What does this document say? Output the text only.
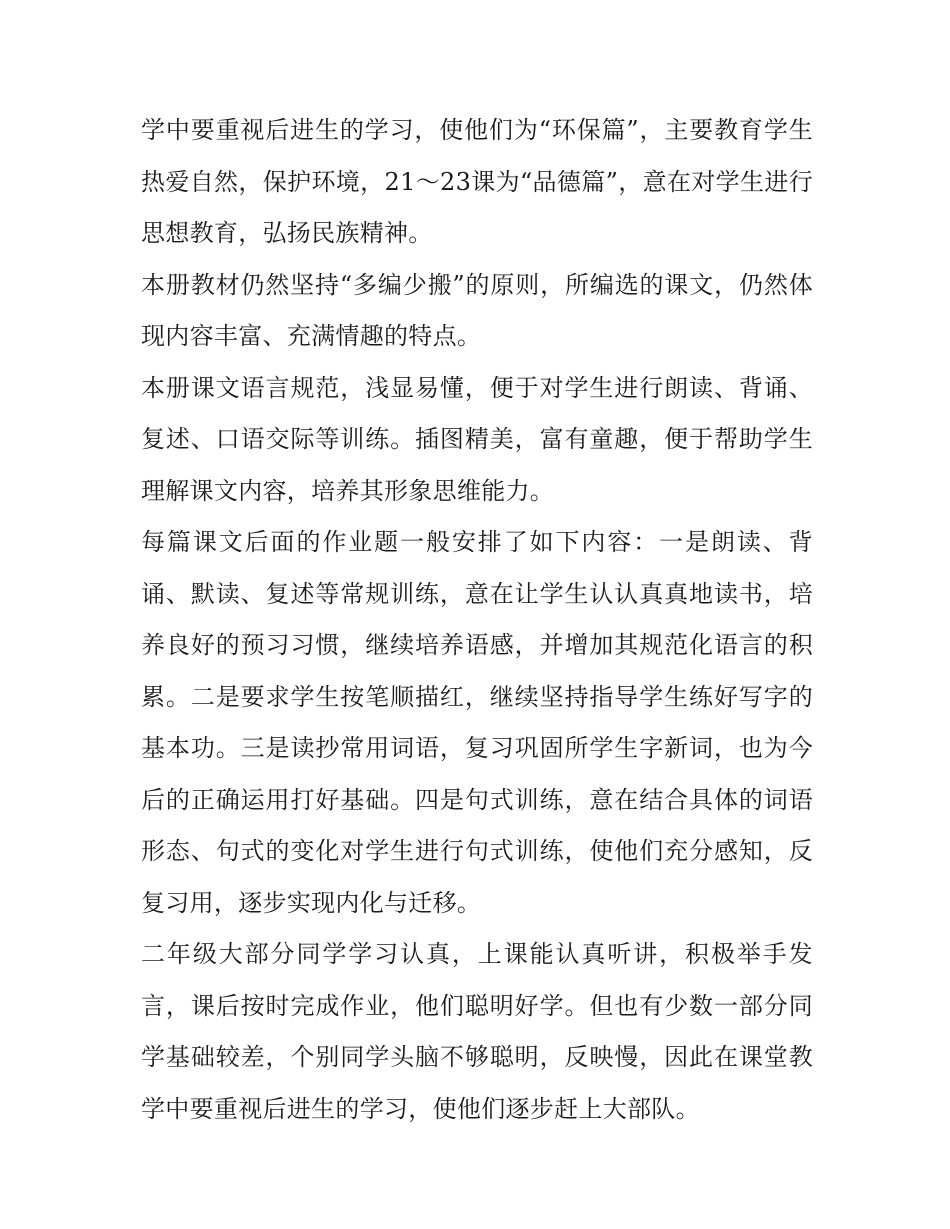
学中要重视后进生的学习，使他们为“环保篇”，主要教育学生热爱自然，保护环境，21～23课为“品德篇”，意在对学生进行思想教育，弘扬民族精神。

本册教材仍然坚持“多编少搬”的原则，所编选的课文，仍然体现内容丰富、充满情趣的特点。

本册课文语言规范，浅显易懂，便于对学生进行朗读、背诵、复述、口语交际等训练。插图精美，富有童趣，便于帮助学生理解课文内容，培养其形象思维能力。

每篇课文后面的作业题一般安排了如下内容：一是朗读、背诵、默读、复述等常规训练，意在让学生认认真真地读书，培养良好的预习习惯，继续培养语感，并增加其规范化语言的积累。二是要求学生按笔顺描红，继续坚持指导学生练好写字的基本功。三是读抄常用词语，复习巩固所学生字新词，也为今后的正确运用打好基础。四是句式训练，意在结合具体的词语形态、句式的变化对学生进行句式训练，使他们充分感知，反复习用，逐步实现内化与迁移。

二年级大部分同学学习认真，上课能认真听讲，积极举手发言，课后按时完成作业，他们聪明好学。但也有少数一部分同学基础较差，个别同学头脑不够聪明，反映慢，因此在课堂教学中要重视后进生的学习，使他们逐步赶上大部队。
